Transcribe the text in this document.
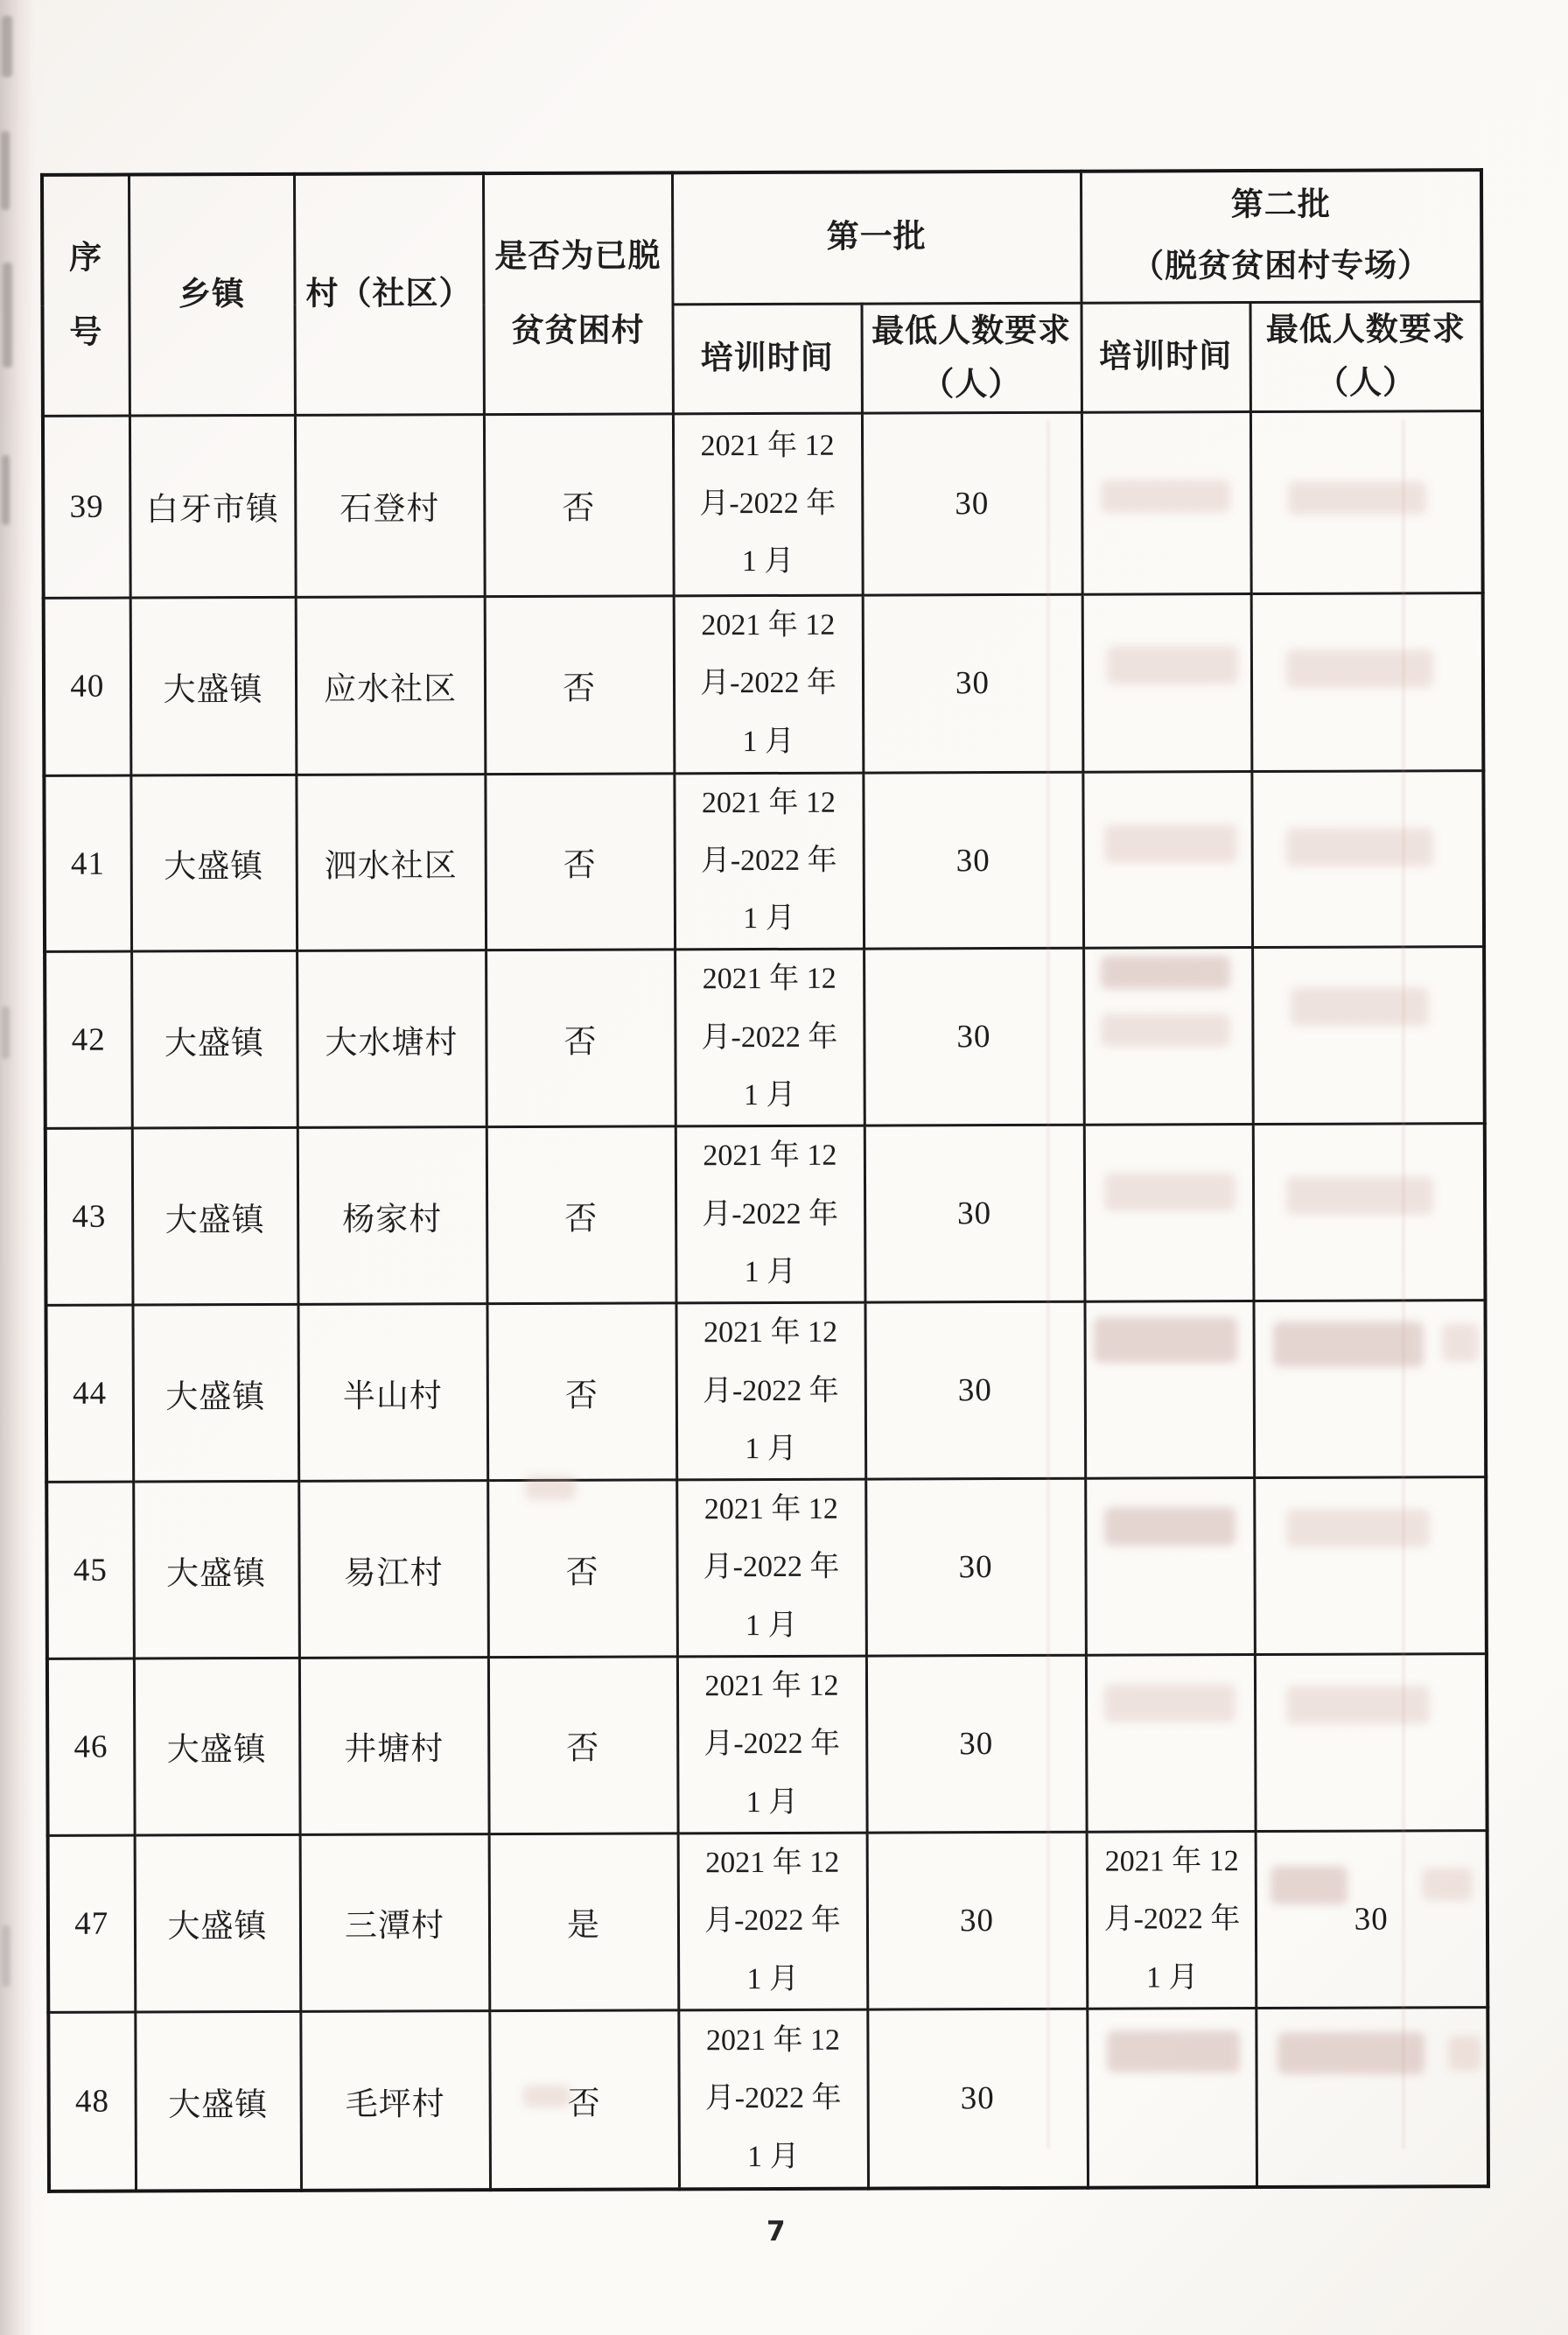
序号	乡镇	村（社区）	是否为已脱贫贫困村	第一批		第二批
（脱贫贫困村专场）	

				培训时间	最低人数要求（人）	培训时间	最低人数要求（人）
39	白牙市镇	石登村	否	2021 年 12 月-2022 年 1 月	30		
40	大盛镇	应水社区	否	2021 年 12 月-2022 年 1 月	30		
41	大盛镇	泗水社区	否	2021 年 12 月-2022 年 1 月	30		
42	大盛镇	大水塘村	否	2021 年 12 月-2022 年 1 月	30		
43	大盛镇	杨家村	否	2021 年 12 月-2022 年 1 月	30		
44	大盛镇	半山村	否	2021 年 12 月-2022 年 1 月	30		
45	大盛镇	易江村	否	2021 年 12 月-2022 年 1 月	30		
46	大盛镇	井塘村	否	2021 年 12 月-2022 年 1 月	30		
47	大盛镇	三潭村	是	2021 年 12 月-2022 年 1 月	30	2021 年 12 月-2022 年 1 月	30
48	大盛镇	毛坪村	否	2021 年 12 月-2022 年 1 月	30		
7
